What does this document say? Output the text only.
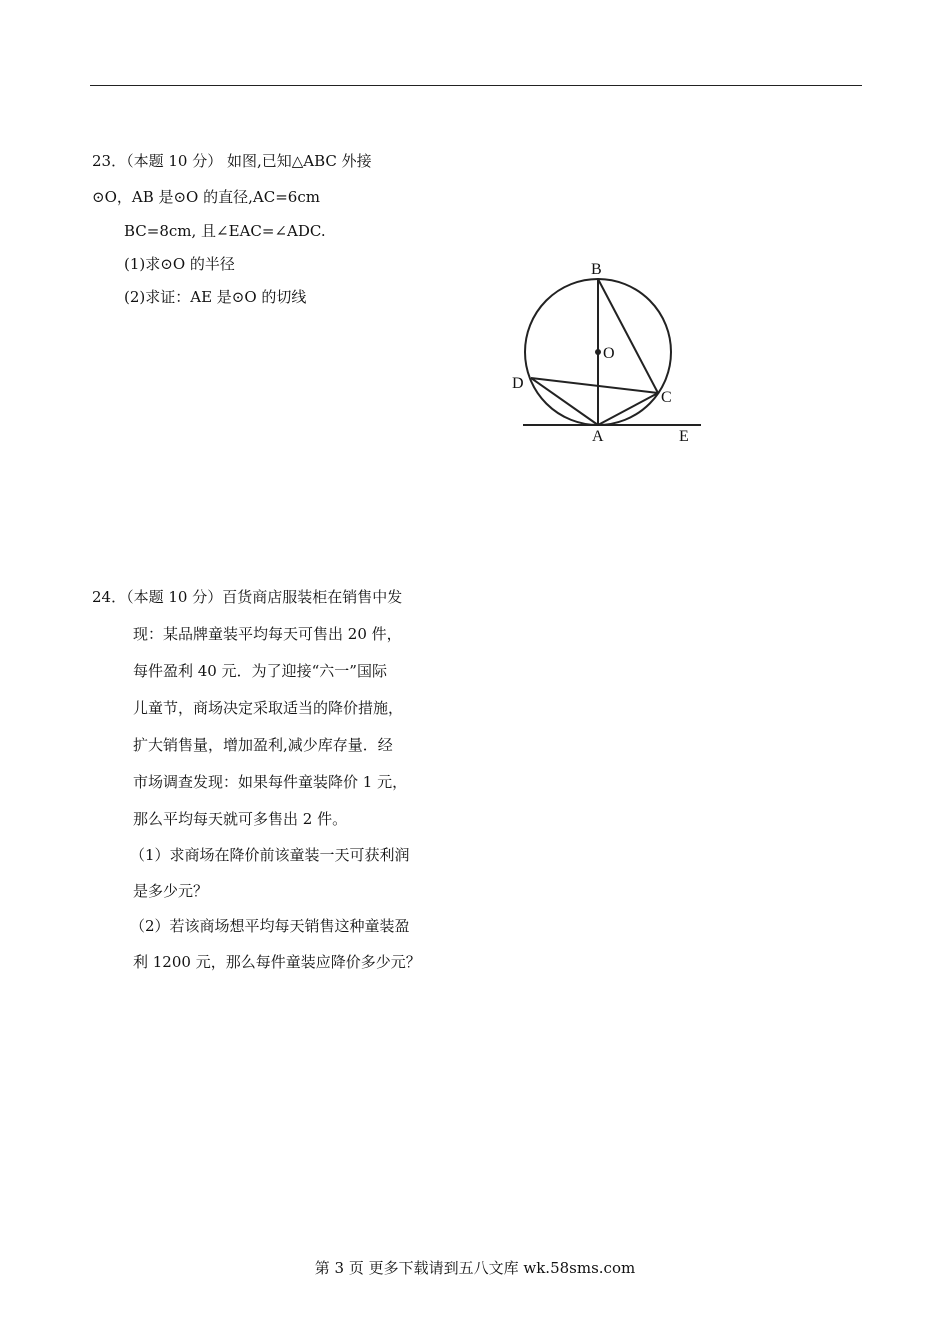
23．（本题 10 分） 如图,已知△ABC 外接
⊙O，AB 是⊙O 的直径,AC=6cm
BC=8cm, 且∠EAC=∠ADC.
(1)求⊙O 的半径
(2)求证：AE 是⊙O 的切线
B
O
D
C
A	E
24．（本题 10 分）百货商店服装柜在销售中发
现：某品牌童装平均每天可售出 20 件，
每件盈利 40 元．为了迎接“六一”国际
儿童节，商场决定采取适当的降价措施，
扩大销售量，增加盈利,减少库存量．经
市场调查发现：如果每件童装降价 1 元，
那么平均每天就可多售出 2 件。
（1）求商场在降价前该童装一天可获利润
是多少元？
（2）若该商场想平均每天销售这种童装盈
利 1200 元，那么每件童装应降价多少元？
第 3 页 更多下载请到五八文库 wk.58sms.com
